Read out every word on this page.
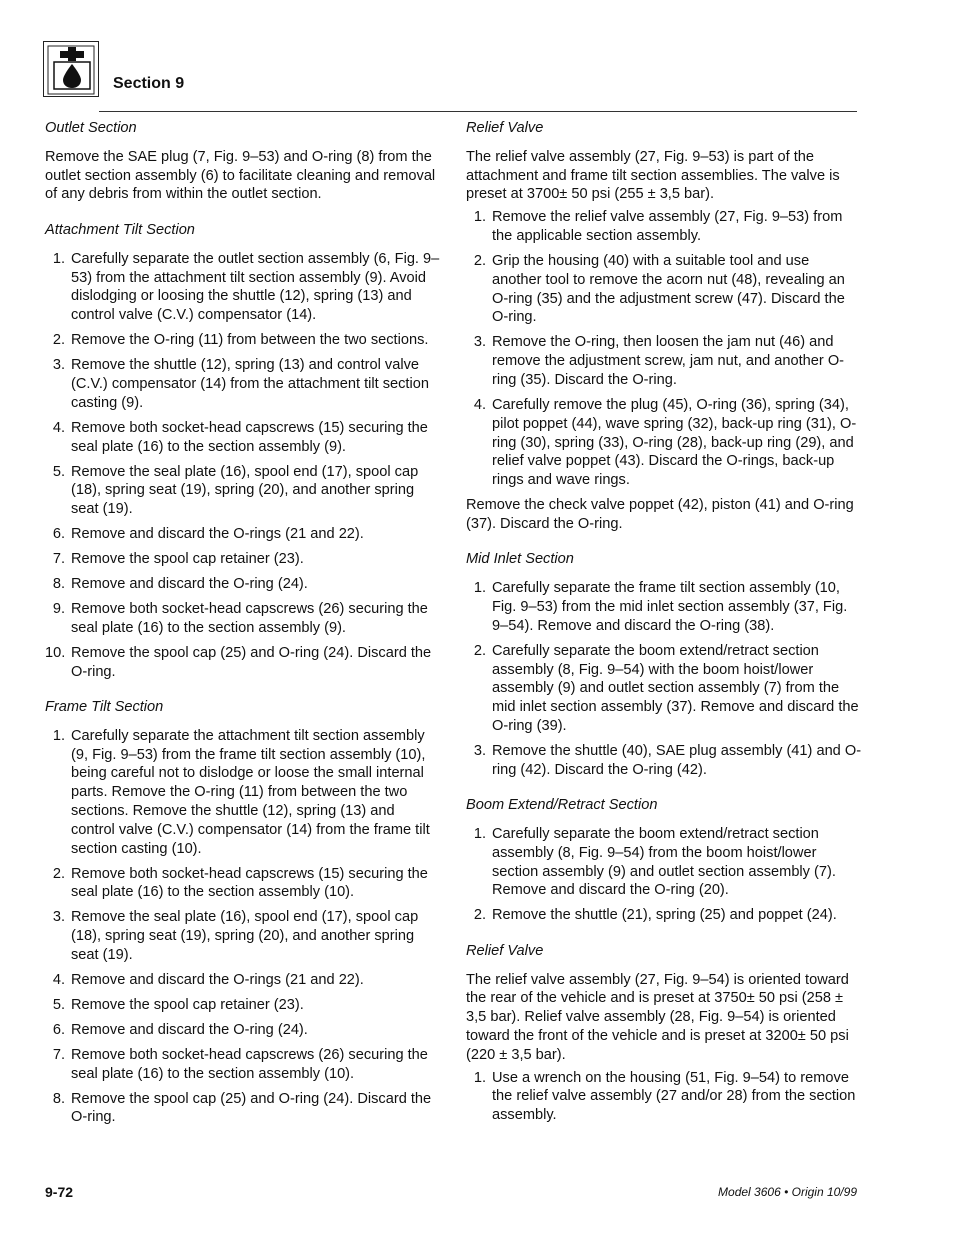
Section 9
Outlet Section
Remove the SAE plug (7, Fig. 9–53) and O-ring (8) from the outlet section assembly (6) to facilitate cleaning and removal of any debris from within the outlet section.
Attachment Tilt Section
1. Carefully separate the outlet section assembly (6, Fig. 9–53) from the attachment tilt section assembly (9). Avoid dislodging or loosing the shuttle (12), spring (13) and control valve (C.V.) compensator (14).
2. Remove the O-ring (11) from between the two sections.
3. Remove the shuttle (12), spring (13) and control valve (C.V.) compensator (14) from the attachment tilt section casting (9).
4. Remove both socket-head capscrews (15) securing the seal plate (16) to the section assembly (9).
5. Remove the seal plate (16), spool end (17), spool cap (18), spring seat (19), spring (20), and another spring seat (19).
6. Remove and discard the O-rings (21 and 22).
7. Remove the spool cap retainer (23).
8. Remove and discard the O-ring (24).
9. Remove both socket-head capscrews (26) securing the seal plate (16) to the section assembly (9).
10. Remove the spool cap (25) and O-ring (24). Discard the O-ring.
Frame Tilt Section
1. Carefully separate the attachment tilt section assembly (9, Fig. 9–53) from the frame tilt section assembly (10), being careful not to dislodge or loose the small internal parts. Remove the O-ring (11) from between the two sections. Remove the shuttle (12), spring (13) and control valve (C.V.) compensator (14) from the frame tilt section casting (10).
2. Remove both socket-head capscrews (15) securing the seal plate (16) to the section assembly (10).
3. Remove the seal plate (16), spool end (17), spool cap (18), spring seat (19), spring (20), and another spring seat (19).
4. Remove and discard the O-rings (21 and 22).
5. Remove the spool cap retainer (23).
6. Remove and discard the O-ring (24).
7. Remove both socket-head capscrews (26) securing the seal plate (16) to the section assembly (10).
8. Remove the spool cap (25) and O-ring (24). Discard the O-ring.
Relief Valve
The relief valve assembly (27, Fig. 9–53) is part of the attachment and frame tilt section assemblies. The valve is preset at 3700± 50 psi (255 ± 3,5 bar).
1. Remove the relief valve assembly (27, Fig. 9–53) from the applicable section assembly.
2. Grip the housing (40) with a suitable tool and use another tool to remove the acorn nut (48), revealing an O-ring (35) and the adjustment screw (47). Discard the O-ring.
3. Remove the O-ring, then loosen the jam nut (46) and remove the adjustment screw, jam nut, and another O-ring (35). Discard the O-ring.
4. Carefully remove the plug (45), O-ring (36), spring (34), pilot poppet (44), wave spring (32), back-up ring (31), O-ring (30), spring (33), O-ring (28), back-up ring (29), and relief valve poppet (43). Discard the O-rings, back-up rings and wave rings.
Remove the check valve poppet (42), piston (41) and O-ring (37). Discard the O-ring.
Mid Inlet Section
1. Carefully separate the frame tilt section assembly (10, Fig. 9–53) from the mid inlet section assembly (37, Fig. 9–54). Remove and discard the O-ring (38).
2. Carefully separate the boom extend/retract section assembly (8, Fig. 9–54) with the boom hoist/lower assembly (9) and outlet section assembly (7) from the mid inlet section assembly (37). Remove and discard the O-ring (39).
3. Remove the shuttle (40), SAE plug assembly (41) and O-ring (42). Discard the O-ring (42).
Boom Extend/Retract Section
1. Carefully separate the boom extend/retract section assembly (8, Fig. 9–54) from the boom hoist/lower section assembly (9) and outlet section assembly (7). Remove and discard the O-ring (20).
2. Remove the shuttle (21), spring (25) and poppet (24).
Relief Valve
The relief valve assembly (27, Fig. 9–54) is oriented toward the rear of the vehicle and is preset at 3750± 50 psi (258 ± 3,5 bar). Relief valve assembly (28, Fig. 9–54) is oriented toward the front of the vehicle and is preset at 3200± 50 psi (220 ± 3,5 bar).
1. Use a wrench on the housing (51, Fig. 9–54) to remove the relief valve assembly (27 and/or 28) from the section assembly.
9-72	Model 3606 • Origin 10/99
